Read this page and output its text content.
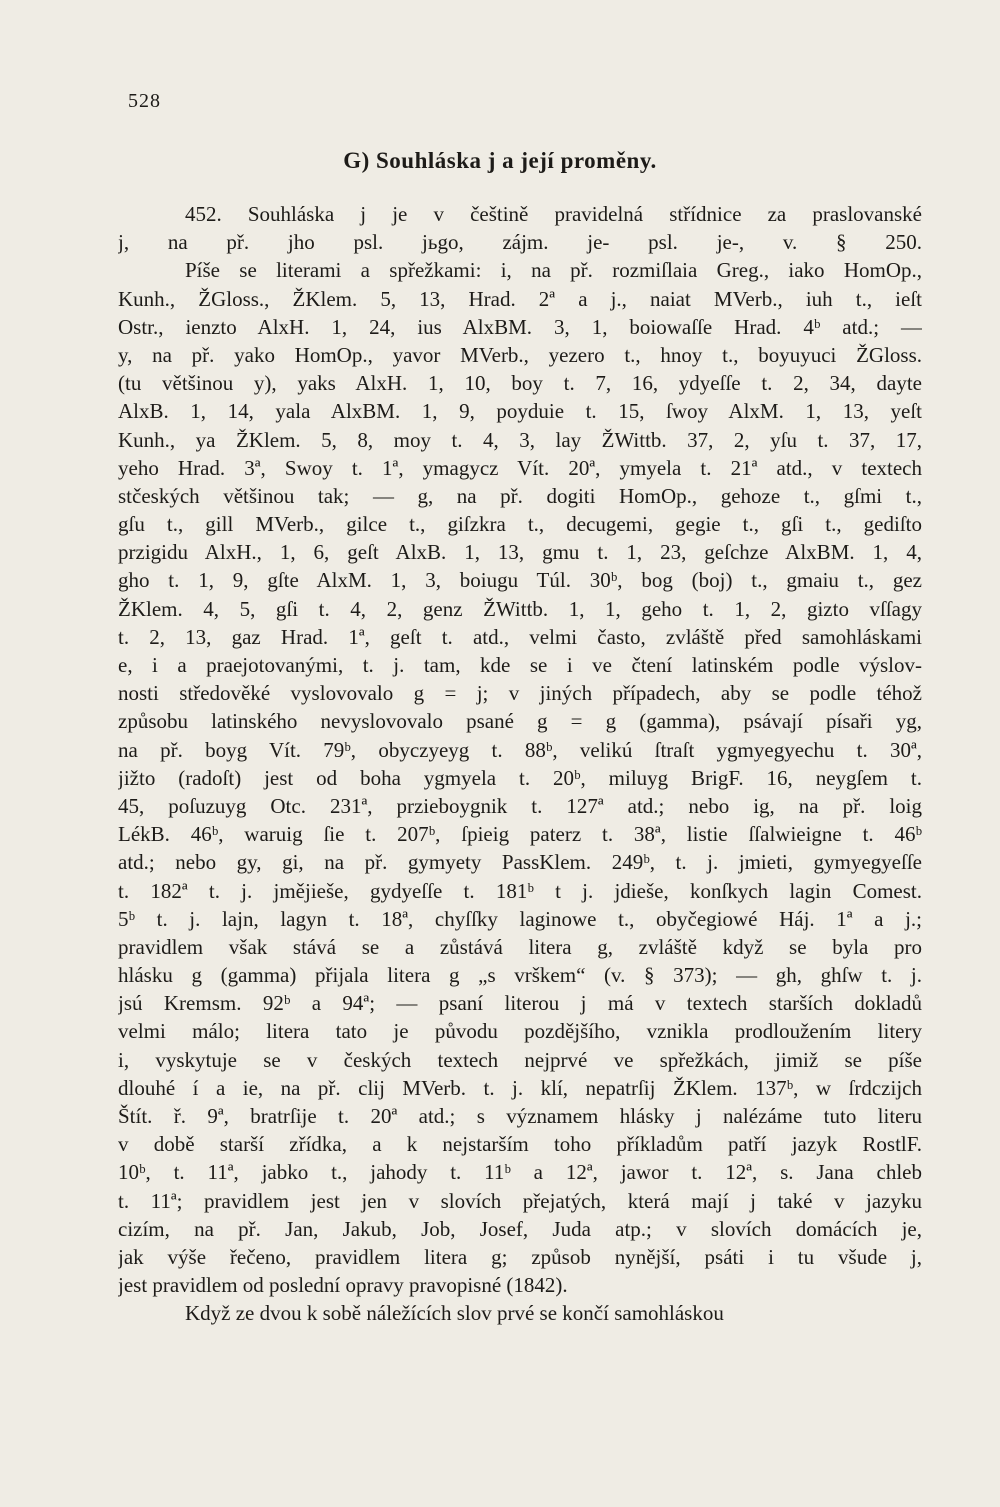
528
G) Souhláska j a její proměny.
452. Souhláska j je v češtině pravidelná střídnice za praslovanské
j, na př. jho psl. jьgo, zájm. je- psl. je-, v. § 250.
Píše se literami a spřežkami: i, na př. rozmiſlaia Greg., iako HomOp.,
Kunh., ŽGloss., ŽKlem. 5, 13, Hrad. 2ª a j., naiat MVerb., iuh t., ieſt
Ostr., ienzto AlxH. 1, 24, ius AlxBM. 3, 1, boiowaſſe Hrad. 4ᵇ atd.; —
y, na př. yako HomOp., yavor MVerb., yezero t., hnoy t., boyuyuci ŽGloss.
(tu většinou y), yaks AlxH. 1, 10, boy t. 7, 16, ydyeſſe t. 2, 34, dayte
AlxB. 1, 14, yala AlxBM. 1, 9, poyduie t. 15, ſwoy AlxM. 1, 13, yeſt
Kunh., ya ŽKlem. 5, 8, moy t. 4, 3, lay ŽWittb. 37, 2, yſu t. 37, 17,
yeho Hrad. 3ª, Swoy t. 1ª, ymagycz Vít. 20ª, ymyela t. 21ª atd., v textech
stčeských většinou tak; — g, na př. dogiti HomOp., gehoze t., gſmi t.,
gſu t., gill MVerb., gilce t., giſzkra t., decugemi, gegie t., gſi t., gediſto
przigidu AlxH., 1, 6, geſt AlxB. 1, 13, gmu t. 1, 23, geſchze AlxBM. 1, 4,
gho t. 1, 9, gſte AlxM. 1, 3, boiugu Túl. 30ᵇ, bog (boj) t., gmaiu t., gez
ŽKlem. 4, 5, gſi t. 4, 2, genz ŽWittb. 1, 1, geho t. 1, 2, gizto vſſagy
t. 2, 13, gaz Hrad. 1ª, geſt t. atd., velmi často, zvláště před samohláskami
e, i a praejotovanými, t. j. tam, kde se i ve čtení latinském podle výslov-
nosti středověké vyslovovalo g = j; v jiných případech, aby se podle téhož
způsobu latinského nevyslovovalo psané g = g (gamma), psávají písaři yg,
na př. boyg Vít. 79ᵇ, obyczyeyg t. 88ᵇ, velikú ſtraſt ygmyegyechu t. 30ª,
jižto (radoſt) jest od boha ygmyela t. 20ᵇ, miluyg BrigF. 16, neygſem t.
45, poſuzuyg Otc. 231ª, przieboygnik t. 127ª atd.; nebo ig, na př. loig
LékB. 46ᵇ, waruig ſie t. 207ᵇ, ſpieig paterz t. 38ª, listie ſſalwieigne t. 46ᵇ
atd.; nebo gy, gi, na př. gymyety PassKlem. 249ᵇ, t. j. jmieti, gymyegyeſſe
t. 182ª t. j. jmějieše, gydyeſſe t. 181ᵇ t j. jdieše, konſkych lagin Comest.
5ᵇ t. j. lajn, lagyn t. 18ª, chyſſky laginowe t., obyčegiowé Háj. 1ª a j.;
pravidlem však stává se a zůstává litera g, zvláště když se byla pro
hlásku g (gamma) přijala litera g „s vrškem“ (v. § 373); — gh, ghſw t. j.
jsú Kremsm. 92ᵇ a 94ª; — psaní literou j má v textech starších dokladů
velmi málo; litera tato je původu pozdějšího, vznikla prodloužením litery
i, vyskytuje se v českých textech nejprvé ve spřežkách, jimiž se píše
dlouhé í a ie, na př. clij MVerb. t. j. klí, nepatrſij ŽKlem. 137ᵇ, w ſrdczijch
Štít. ř. 9ª, bratrſije t. 20ª atd.; s významem hlásky j nalézáme tuto literu
v době starší zřídka, a k nejstarším toho příkladům patří jazyk RostlF.
10ᵇ, t. 11ª, jabko t., jahody t. 11ᵇ a 12ª, jawor t. 12ª, s. Jana chleb
t. 11ª; pravidlem jest jen v slovích přejatých, která mají j také v jazyku
cizím, na př. Jan, Jakub, Job, Josef, Juda atp.; v slovích domácích je,
jak výše řečeno, pravidlem litera g; způsob nynější, psáti i tu všude j,
jest pravidlem od poslední opravy pravopisné (1842).
Když ze dvou k sobě náležících slov prvé se končí samohláskou
